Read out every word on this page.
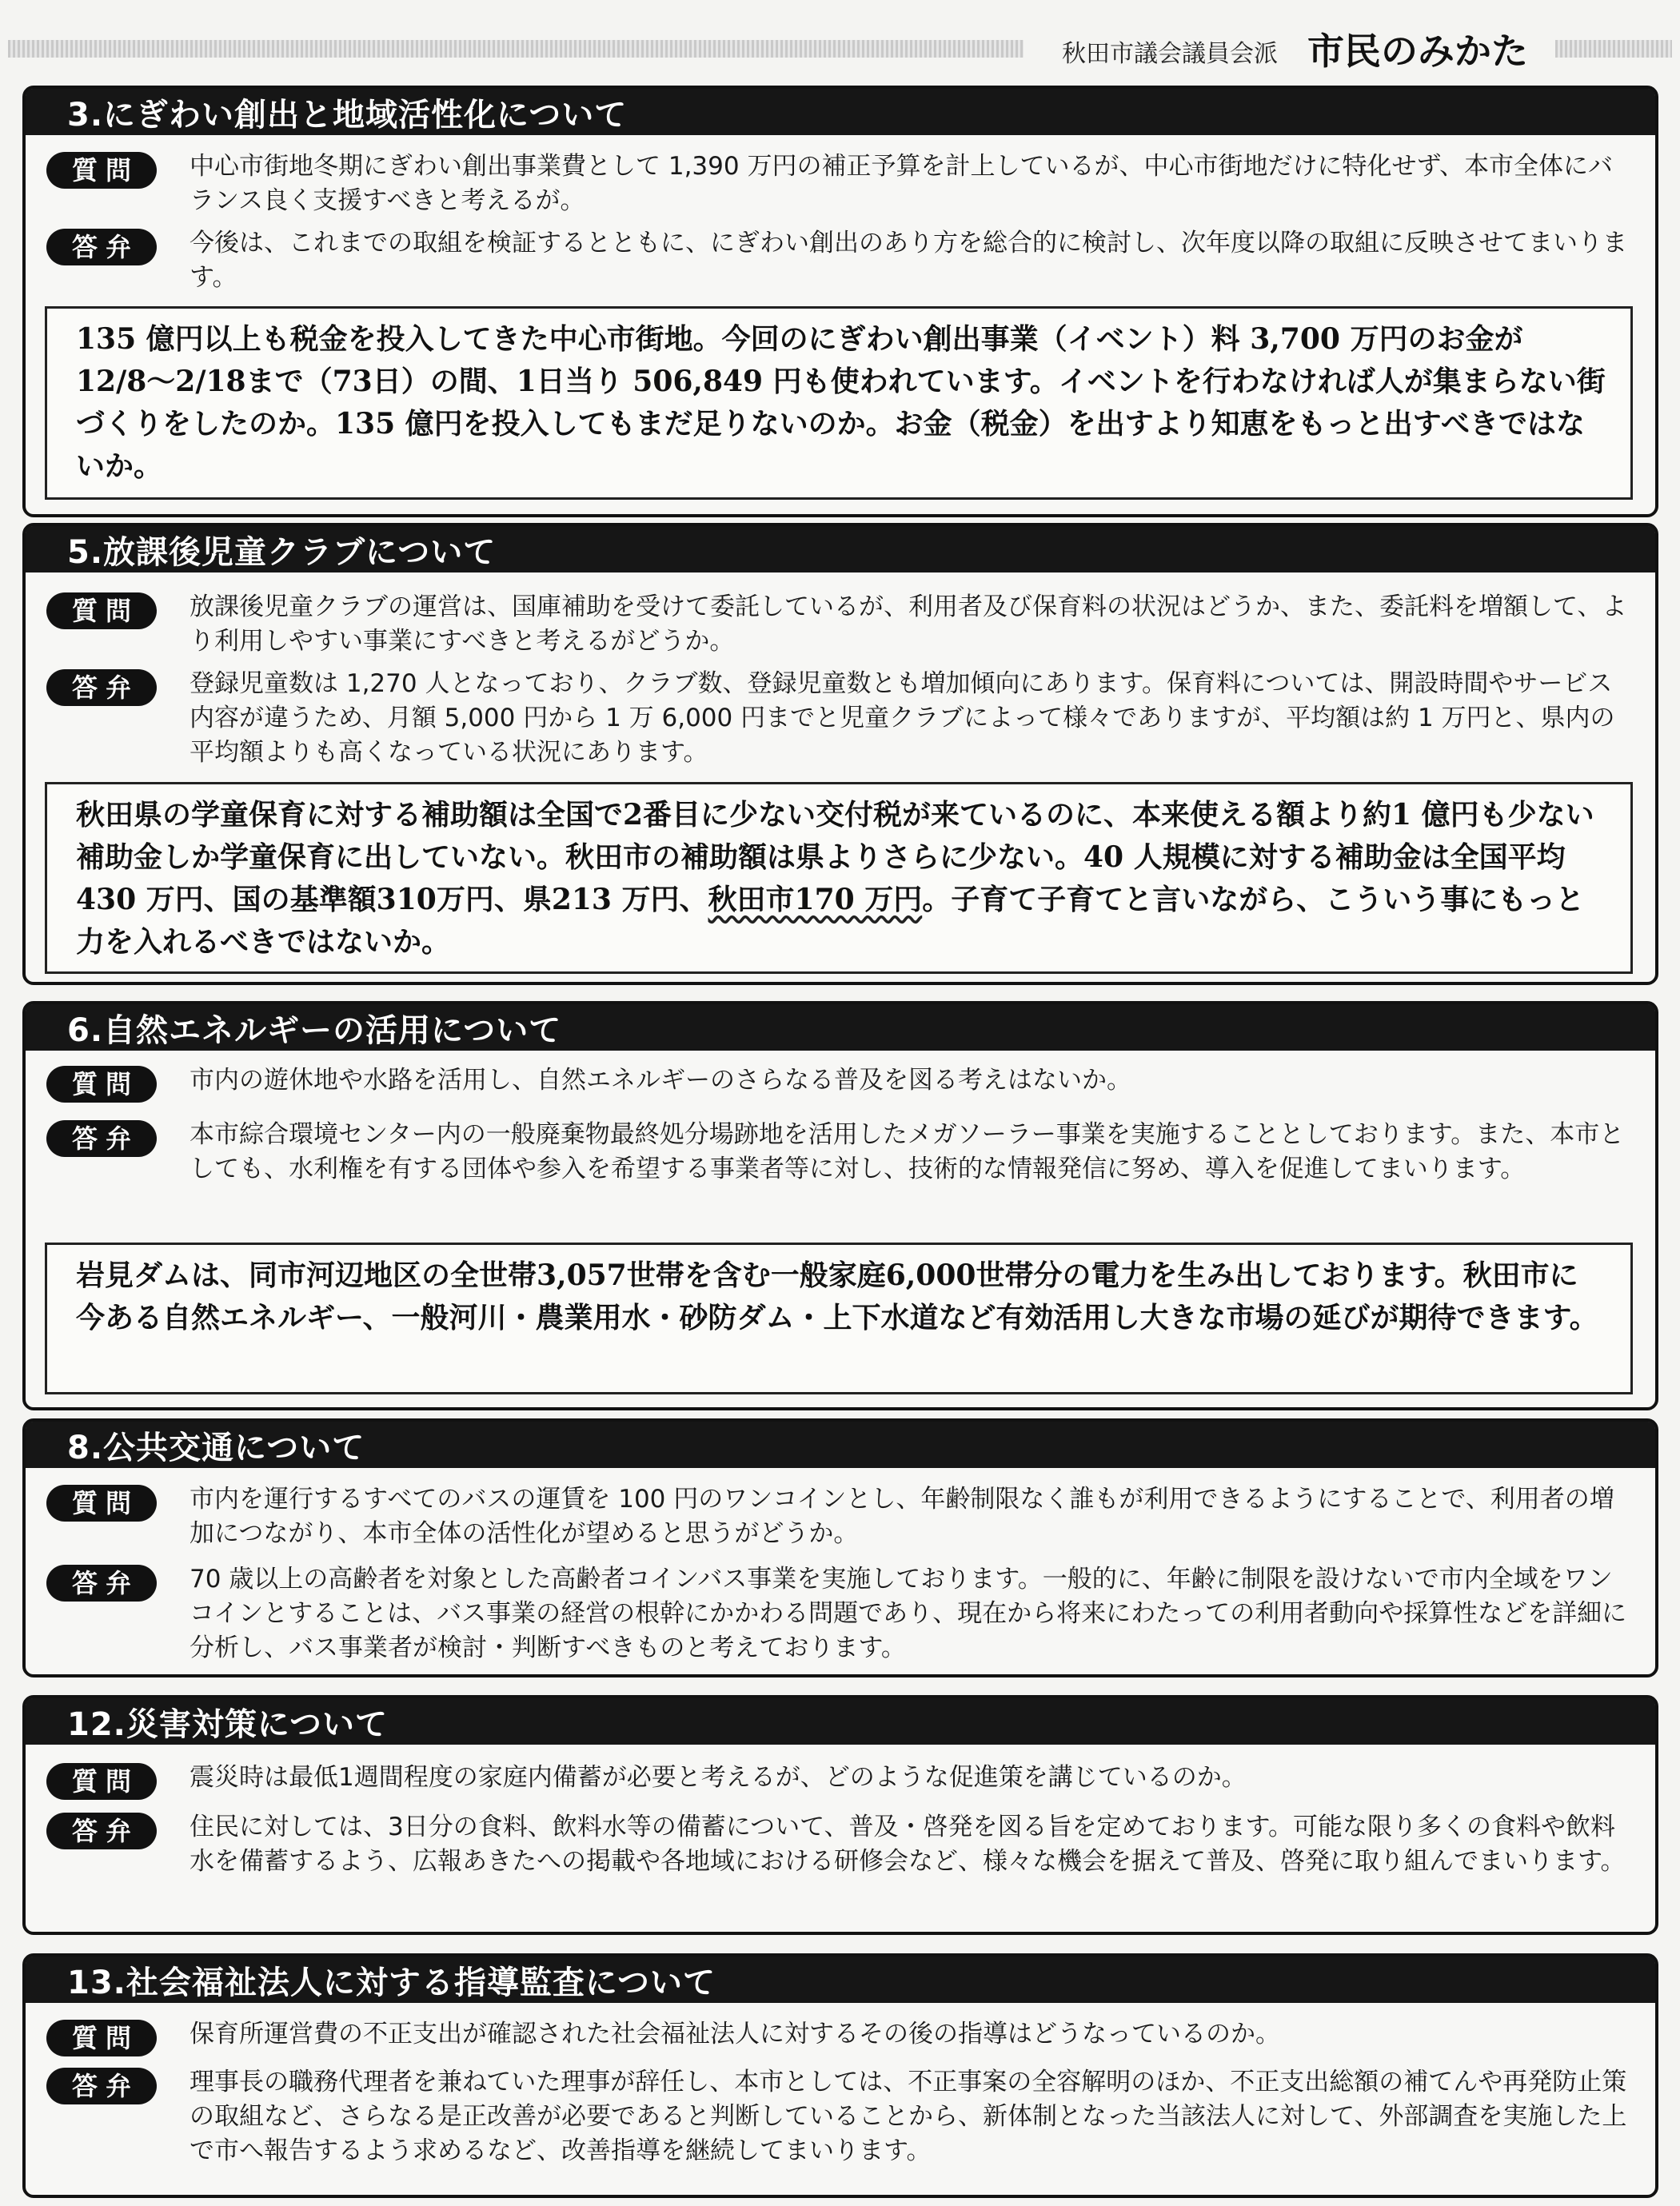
秋田市議会議員会派 市民のみかた
3.にぎわい創出と地域活性化について
質問	中心市街地冬期にぎわい創出事業費として 1,390 万円の補正予算を計上しているが、中心市街地だけに特化せず、本市全体にバランス良く支援すべきと考えるが。
答弁	今後は、これまでの取組を検証するとともに、にぎわい創出のあり方を総合的に検討し、次年度以降の取組に反映させてまいります。
135 億円以上も税金を投入してきた中心市街地。今回のにぎわい創出事業（イベント）料 3,700 万円のお金が 12/8〜2/18まで（73日）の間、1日当り 506,849 円も使われています。イベントを行わなければ人が集まらない街づくりをしたのか。135 億円を投入してもまだ足りないのか。お金（税金）を出すより知恵をもっと出すべきではないか。
5.放課後児童クラブについて
質問	放課後児童クラブの運営は、国庫補助を受けて委託しているが、利用者及び保育料の状況はどうか、また、委託料を増額して、より利用しやすい事業にすべきと考えるがどうか。
答弁	登録児童数は 1,270 人となっており、クラブ数、登録児童数とも増加傾向にあります。保育料については、開設時間やサービス内容が違うため、月額 5,000 円から 1 万 6,000 円までと児童クラブによって様々でありますが、平均額は約 1 万円と、県内の平均額よりも高くなっている状況にあります。
秋田県の学童保育に対する補助額は全国で2番目に少ない交付税が来ているのに、本来使える額より約1 億円も少ない補助金しか学童保育に出していない。秋田市の補助額は県よりさらに少ない。40 人規模に対する補助金は全国平均430 万円、国の基準額310万円、県213 万円、秋田市170 万円。子育て子育てと言いながら、こういう事にもっと力を入れるべきではないか。
6.自然エネルギーの活用について
質問	市内の遊休地や水路を活用し、自然エネルギーのさらなる普及を図る考えはないか。
答弁	本市綜合環境センター内の一般廃棄物最終処分場跡地を活用したメガソーラー事業を実施することとしております。また、本市としても、水利権を有する団体や参入を希望する事業者等に対し、技術的な情報発信に努め、導入を促進してまいります。
岩見ダムは、同市河辺地区の全世帯3,057世帯を含む一般家庭6,000世帯分の電力を生み出しております。秋田市に今ある自然エネルギー、一般河川・農業用水・砂防ダム・上下水道など有効活用し大きな市場の延びが期待できます。
8.公共交通について
質問	市内を運行するすべてのバスの運賃を 100 円のワンコインとし、年齢制限なく誰もが利用できるようにすることで、利用者の増加につながり、本市全体の活性化が望めると思うがどうか。
答弁	70 歳以上の高齢者を対象とした高齢者コインバス事業を実施しております。一般的に、年齢に制限を設けないで市内全域をワンコインとすることは、バス事業の経営の根幹にかかわる問題であり、現在から将来にわたっての利用者動向や採算性などを詳細に分析し、バス事業者が検討・判断すべきものと考えております。
12.災害対策について
質問	震災時は最低1週間程度の家庭内備蓄が必要と考えるが、どのような促進策を講じているのか。
答弁	住民に対しては、3日分の食料、飲料水等の備蓄について、普及・啓発を図る旨を定めております。可能な限り多くの食料や飲料水を備蓄するよう、広報あきたへの掲載や各地域における研修会など、様々な機会を据えて普及、啓発に取り組んでまいります。
13.社会福祉法人に対する指導監査について
質問	保育所運営費の不正支出が確認された社会福祉法人に対するその後の指導はどうなっているのか。
答弁	理事長の職務代理者を兼ねていた理事が辞任し、本市としては、不正事案の全容解明のほか、不正支出総額の補てんや再発防止策の取組など、さらなる是正改善が必要であると判断していることから、新体制となった当該法人に対して、外部調査を実施した上で市へ報告するよう求めるなど、改善指導を継続してまいります。
